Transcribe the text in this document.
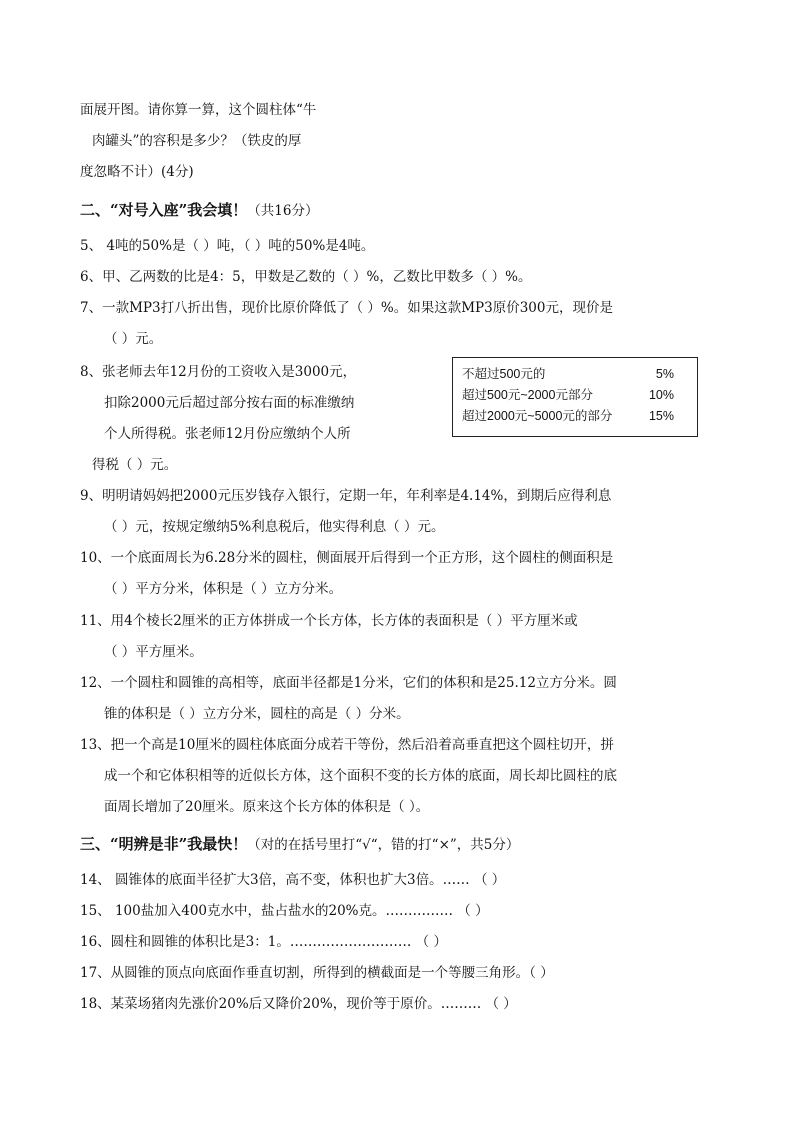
面展开图。请你算一算，这个圆柱体“牛
肉罐头”的容积是多少？（铁皮的厚
度忽略不计）(4分)
二、“对号入座”我会填！（共16分）
5、 4吨的50%是（ ）吨，（ ）吨的50%是4吨。
6、甲、乙两数的比是4：5，甲数是乙数的（ ）%，乙数比甲数多（ ）%。
7、一款MP3打八折出售，现价比原价降低了（ ）%。如果这款MP3原价300元，现价是
（ ）元。
8、张老师去年12月份的工资收入是3000元，
扣除2000元后超过部分按右面的标准缴纳
个人所得税。张老师12月份应缴纳个人所
得税（ ）元。
不超过500元的	5%
超过500元~2000元部分	10%
超过2000元~5000元的部分	15%
9、明明请妈妈把2000元压岁钱存入银行，定期一年，年利率是4.14%，到期后应得利息
（ ）元，按规定缴纳5%利息税后，他实得利息（ ）元。
10、一个底面周长为6.28分米的圆柱，侧面展开后得到一个正方形，这个圆柱的侧面积是
（ ）平方分米，体积是（ ）立方分米。
11、用4个棱长2厘米的正方体拼成一个长方体，长方体的表面积是（ ）平方厘米或
（ ）平方厘米。
12、一个圆柱和圆锥的高相等，底面半径都是1分米，它们的体积和是25.12立方分米。圆
锥的体积是（ ）立方分米，圆柱的高是（ ）分米。
13、把一个高是10厘米的圆柱体底面分成若干等份，然后沿着高垂直把这个圆柱切开，拼
成一个和它体积相等的近似长方体，这个面积不变的长方体的底面，周长却比圆柱的底
面周长增加了20厘米。原来这个长方体的体积是（ ）。
三、“明辨是非”我最快！（对的在括号里打“√“，错的打“×”，共5分）
14、 圆锥体的底面半径扩大3倍，高不变，体积也扩大3倍。…… （ ）
15、 100盐加入400克水中，盐占盐水的20%克。…………… （ ）
16、圆柱和圆锥的体积比是3：1。……………………… （ ）
17、从圆锥的顶点向底面作垂直切割，所得到的横截面是一个等腰三角形。（ ）
18、某菜场猪肉先涨价20%后又降价20%，现价等于原价。……… （ ）
